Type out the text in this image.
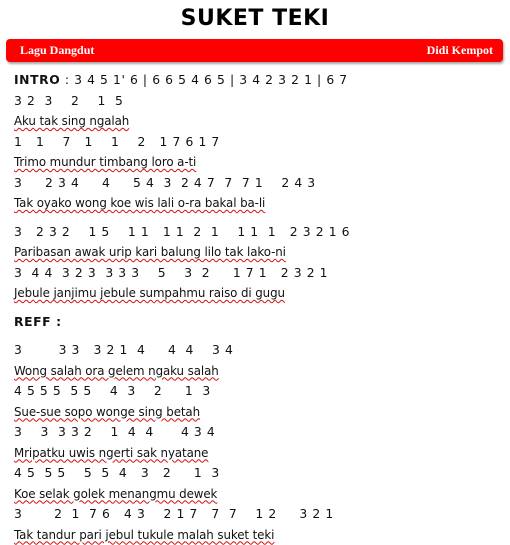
SUKET TEKI
Lagu Dangdut	Didi Kempot
INTRO : 3 4 5 1' 6 | 6 6 5 4 6 5 | 3 4 2 3 2 1 | 6 7
3 2  3    2    1  5
Aku tak sing ngalah
1   1    7   1    1    2   1 7 6 1 7
Trimo mundur timbang loro a-ti
3     2 3 4     4     5 4  3  2 4 7  7  7 1    2 4 3
Tak oyako wong koe wis lali o-ra bakal ba-li
3   2 3 2    1 5    1 1   1 1  2  1    1 1  1   2 3 2 1 6
Paribasan awak urip kari balung lilo tak lako-ni
3  4 4  3 2 3  3 3 3    5    3  2     1 7 1   2 3 2 1
Jebule janjimu jebule sumpahmu raiso di gugu
REFF :
3        3 3   3 2 1  4     4  4    3 4
Wong salah ora gelem ngaku salah
4 5 5 5  5 5    4  3    2     1  3
Sue-sue sopo wonge sing betah
3    3  3 3 2    1  4  4      4 3 4
Mripatku uwis ngerti sak nyatane
4 5  5 5    5  5  4   3   2     1  3
Koe selak golek menangmu dewek
3       2  1  7 6   4 3    2 1 7   7  7    1 2     3 2 1
Tak tandur pari jebul tukule malah suket teki
